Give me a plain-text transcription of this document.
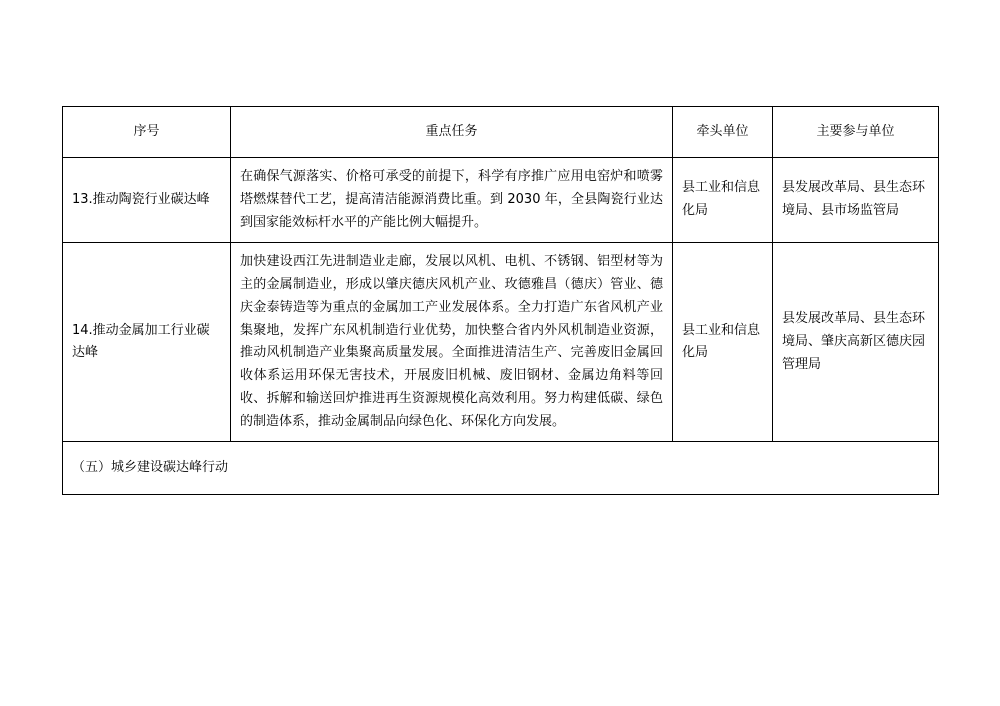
序号	重点任务	牵头单位	主要参与单位
13.推动陶瓷行业碳达峰	在确保气源落实、价格可承受的前提下，科学有序推广应用电窑炉和喷雾塔燃煤替代工艺，提高清洁能源消费比重。到 2030 年，全县陶瓷行业达到国家能效标杆水平的产能比例大幅提升。	县工业和信息化局	县发展改革局、县生态环境局、县市场监管局
14.推动金属加工行业碳达峰	加快建设西江先进制造业走廊，发展以风机、电机、不锈钢、铝型材等为主的金属制造业，形成以肇庆德庆风机产业、玫德雅昌（德庆）管业、德庆金泰铸造等为重点的金属加工产业发展体系。全力打造广东省风机产业集聚地，发挥广东风机制造行业优势，加快整合省内外风机制造业资源，推动风机制造产业集聚高质量发展。全面推进清洁生产、完善废旧金属回收体系运用环保无害技术，开展废旧机械、废旧钢材、金属边角料等回收、拆解和输送回炉推进再生资源规模化高效利用。努力构建低碳、绿色的制造体系，推动金属制品向绿色化、环保化方向发展。	县工业和信息化局	县发展改革局、县生态环境局、肇庆高新区德庆园管理局
（五）城乡建设碳达峰行动			
